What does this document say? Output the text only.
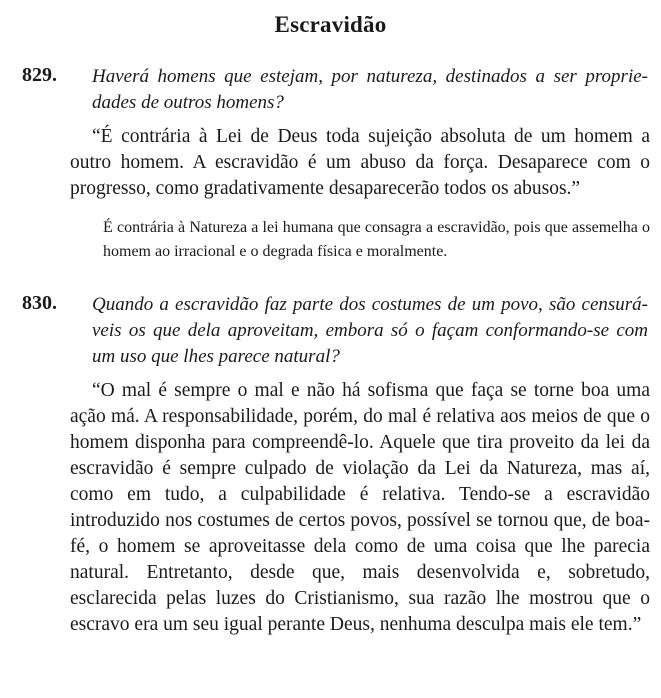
Escravidão
829. Haverá homens que estejam, por natureza, destinados a ser propriedades de outros homens?
“É contrária à Lei de Deus toda sujeição absoluta de um homem a outro homem. A escravidão é um abuso da força. Desaparece com o progresso, como gradativamente desaparecerão todos os abusos.”
É contrária à Natureza a lei humana que consagra a escravidão, pois que assemelha o homem ao irracional e o degrada física e moralmente.
830. Quando a escravidão faz parte dos costumes de um povo, são censuráveis os que dela aproveitam, embora só o façam conformando-se com um uso que lhes parece natural?
“O mal é sempre o mal e não há sofisma que faça se torne boa uma ação má. A responsabilidade, porém, do mal é relativa aos meios de que o homem disponha para compreendê-lo. Aquele que tira proveito da lei da escravidão é sempre culpado de violação da Lei da Natureza, mas aí, como em tudo, a culpabilidade é relativa. Tendo-se a escravidão introduzido nos costumes de certos povos, possível se tornou que, de boa-fé, o homem se aproveitasse dela como de uma coisa que lhe parecia natural. Entretanto, desde que, mais desenvolvida e, sobretudo, esclarecida pelas luzes do Cristianismo, sua razão lhe mostrou que o escravo era um seu igual perante Deus, nenhuma desculpa mais ele tem.”
